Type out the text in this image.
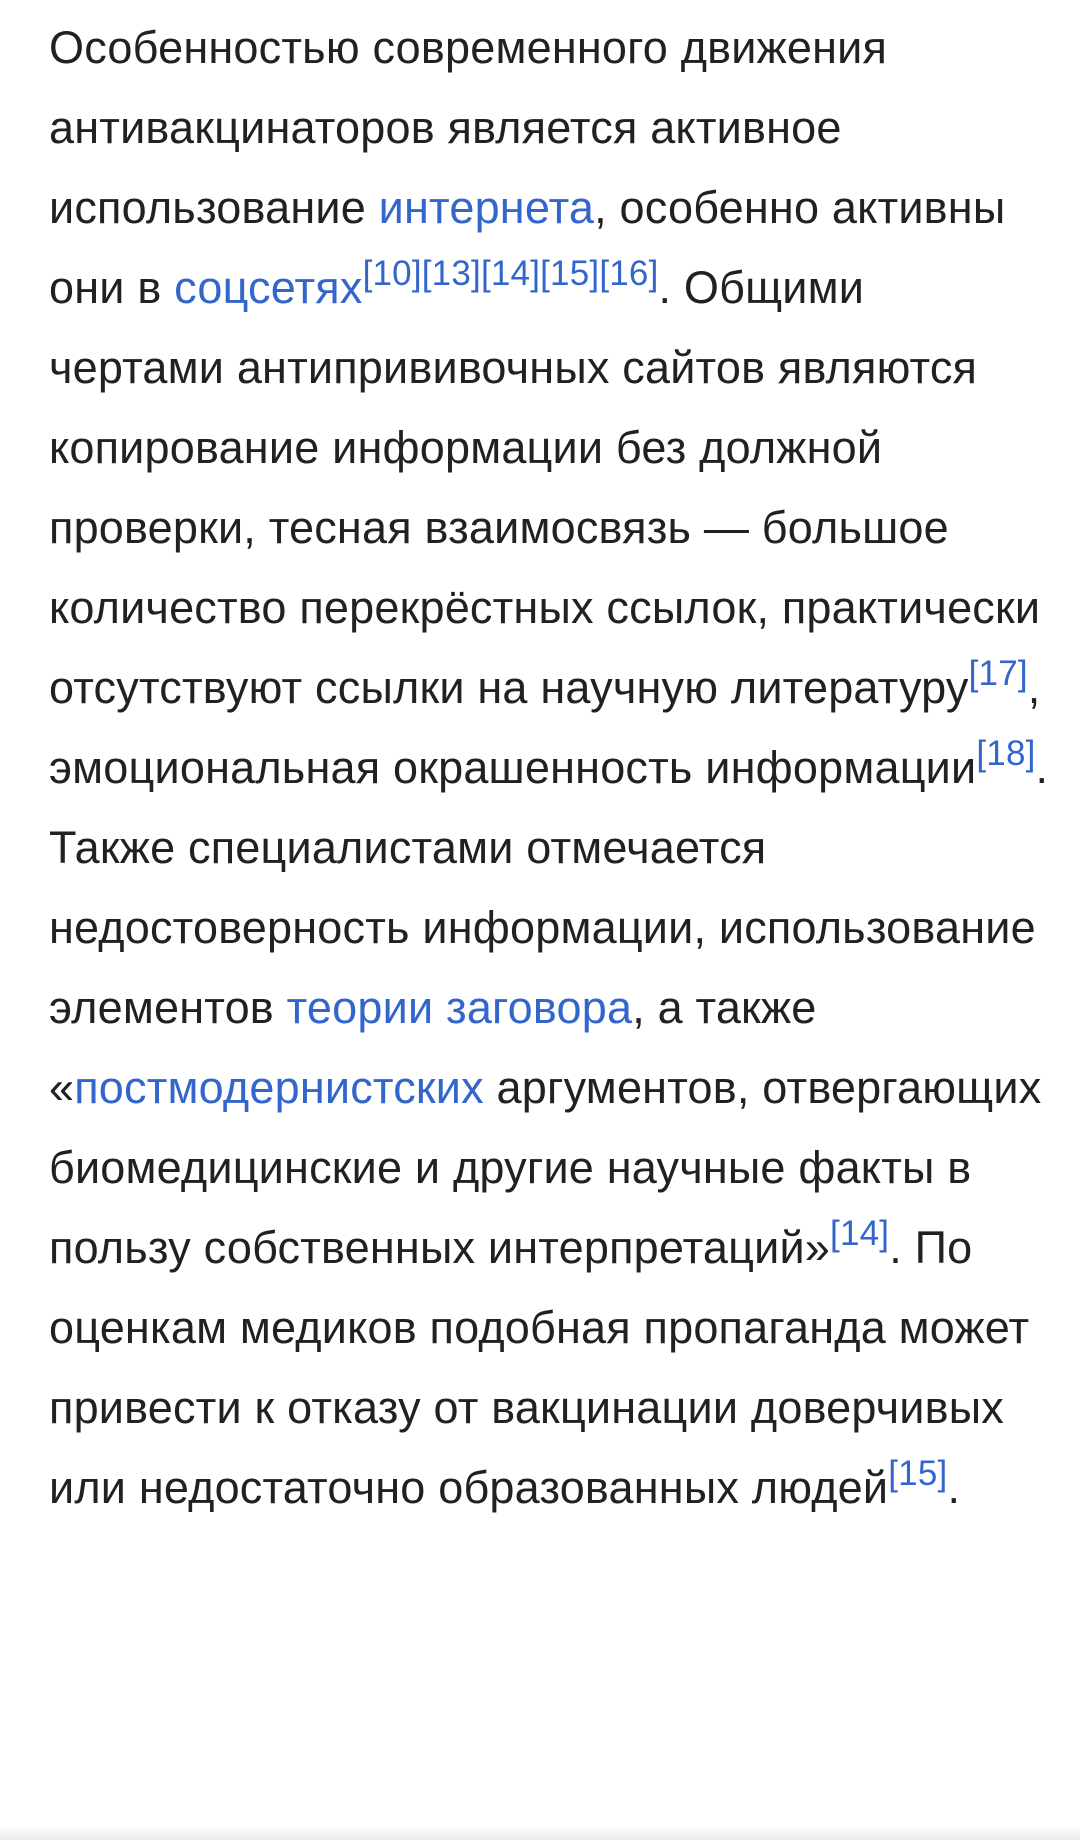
Особенностью современного движения антивакцинаторов является активное использование интернета, особенно активны они в соцсетях[10][13][14][15][16]. Общими чертами антипрививочных сайтов являются копирование информации без должной проверки, тесная взаимосвязь — большое количество перекрёстных ссылок, практически отсутствуют ссылки на научную литературу[17], эмоциональная окрашенность информации[18]. Также специалистами отмечается недостоверность информации, использование элементов теории заговора, а также «постмодернистских аргументов, отвергающих биомедицинские и другие научные факты в пользу собственных интерпретаций»[14]. По оценкам медиков подобная пропаганда может привести к отказу от вакцинации доверчивых или недостаточно образованных людей[15].
